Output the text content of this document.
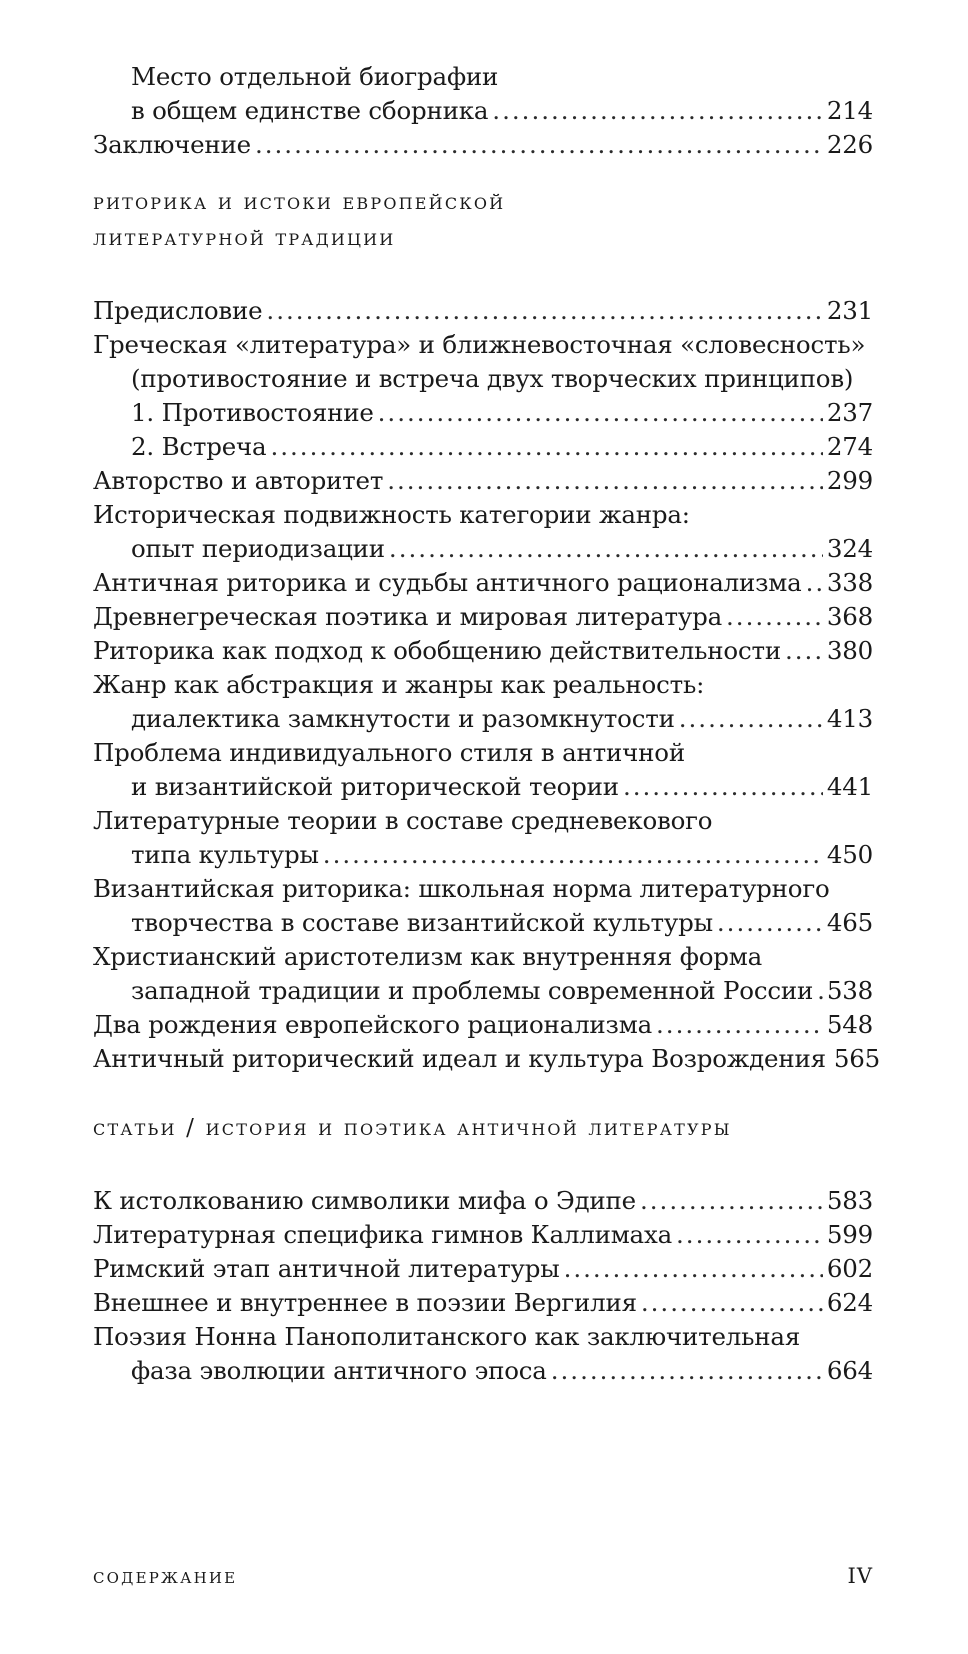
Место отдельной биографии
в общем единстве сборника .....	214
Заключение .....	226
риторика и истоки европейской
литературной традиции
Предисловие .....	231
Греческая «литература» и ближневосточная «словесность»
(противостояние и встреча двух творческих принципов)
1. Противостояние .....	237
2. Встреча .....	274
Авторство и авторитет .....	299
Историческая подвижность категории жанра:
опыт периодизации .....	324
Античная риторика и судьбы античного рационализма ..... 338
Древнегреческая поэтика и мировая литература .....	368
Риторика как подход к обобщению действительности ..... 380
Жанр как абстракция и жанры как реальность:
диалектика замкнутости и разомкнутости .....	413
Проблема индивидуального стиля в античной
и византийской риторической теории .....	441
Литературные теории в составе средневекового
типа культуры .....	450
Византийская риторика: школьная норма литературного
творчества в составе византийской культуры .....	465
Христианский аристотелизм как внутренняя форма
западной традиции и проблемы современной России ..... 538
Два рождения европейского рационализма .....	548
Античный риторический идеал и культура Возрождения 565
статьи / история и поэтика античной литературы
К истолкованию символики мифа о Эдипе .....	583
Литературная специфика гимнов Каллимаха .....	599
Римский этап античной литературы .....	602
Внешнее и внутреннее в поэзии Вергилия .....	624
Поэзия Нонна Панополитанского как заключительная
фаза эволюции античного эпоса .....	664
содержание	IV
